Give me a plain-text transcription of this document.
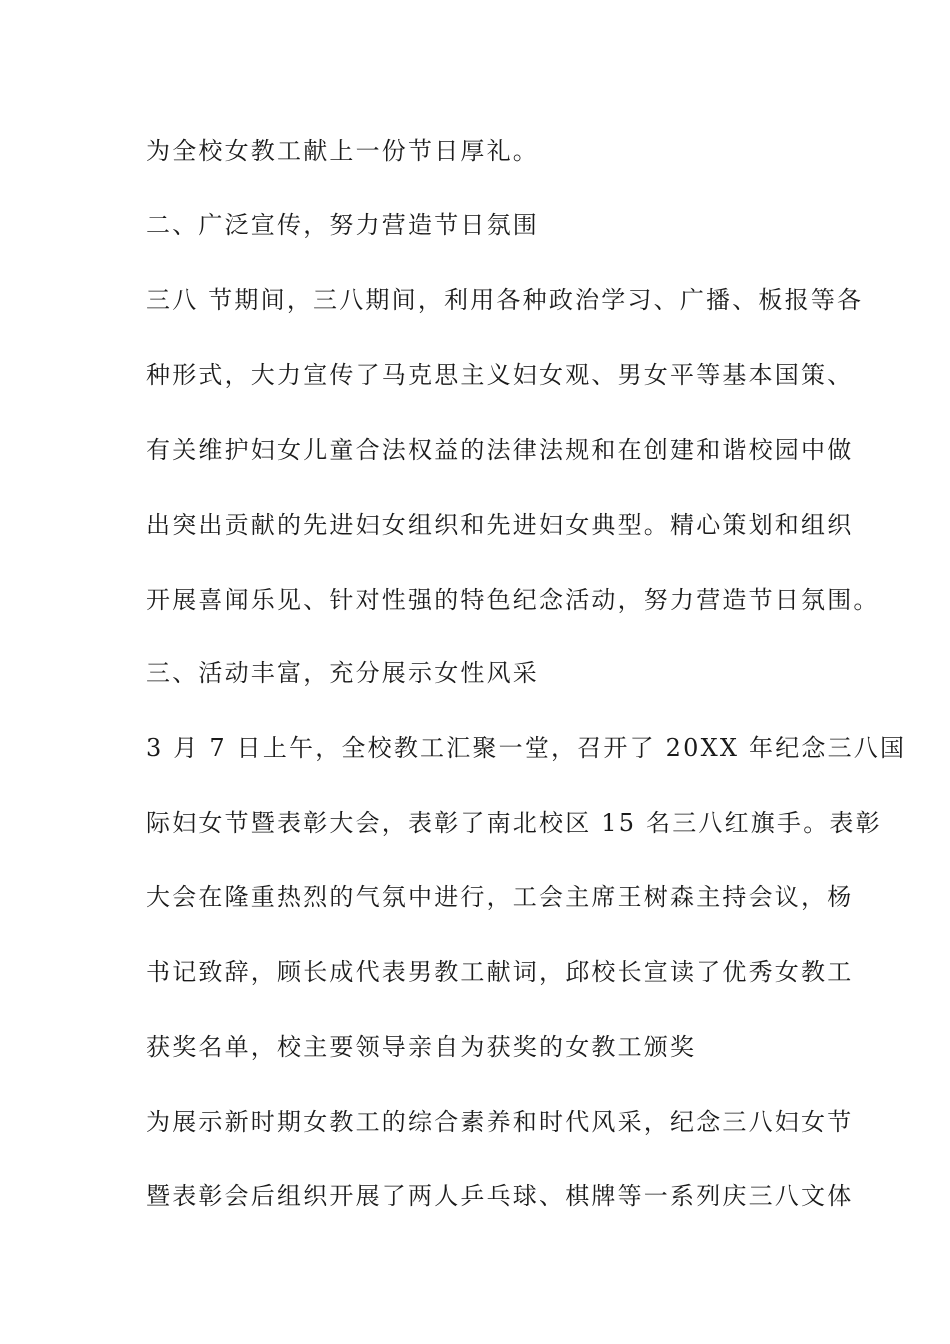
为全校女教工献上一份节日厚礼。
二、广泛宣传，努力营造节日氛围
三八 节期间，三八期间，利用各种政治学习、广播、板报等各
种形式，大力宣传了马克思主义妇女观、男女平等基本国策、
有关维护妇女儿童合法权益的法律法规和在创建和谐校园中做
出突出贡献的先进妇女组织和先进妇女典型。精心策划和组织
开展喜闻乐见、针对性强的特色纪念活动，努力营造节日氛围。
三、活动丰富，充分展示女性风采
3 月 7 日上午，全校教工汇聚一堂，召开了 20XX 年纪念三八国
际妇女节暨表彰大会，表彰了南北校区 15 名三八红旗手。表彰
大会在隆重热烈的气氛中进行，工会主席王树森主持会议，杨
书记致辞，顾长成代表男教工献词，邱校长宣读了优秀女教工
获奖名单，校主要领导亲自为获奖的女教工颁奖
为展示新时期女教工的综合素养和时代风采，纪念三八妇女节
暨表彰会后组织开展了两人乒乓球、棋牌等一系列庆三八文体
